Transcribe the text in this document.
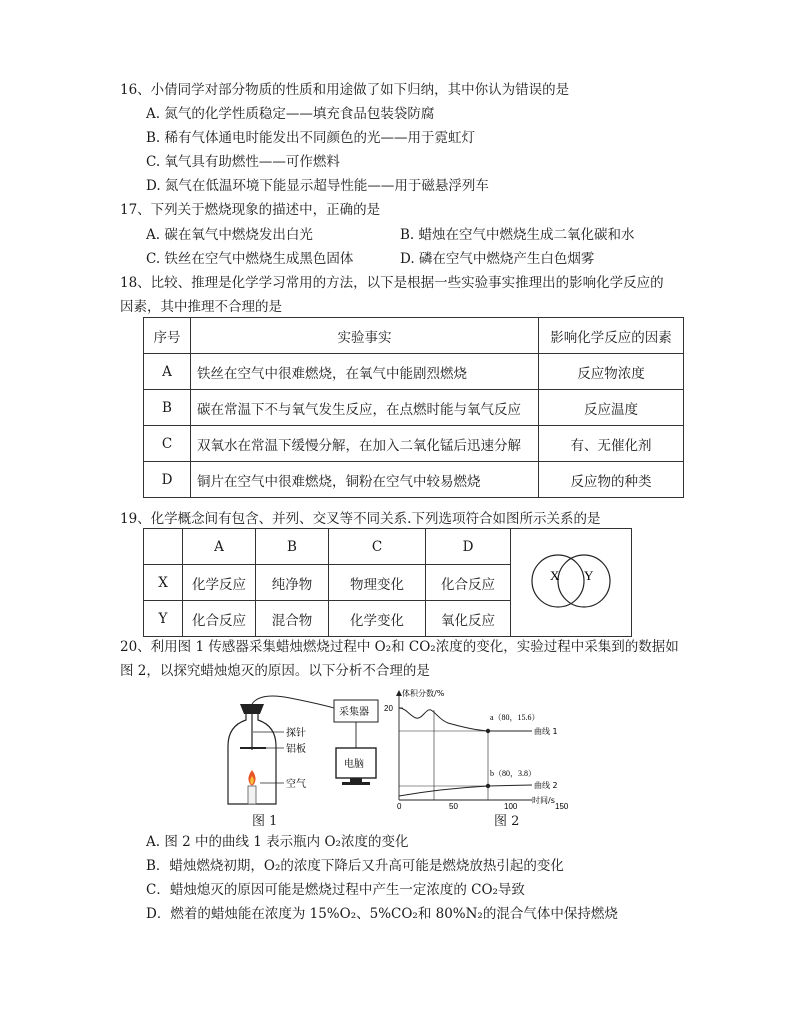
16、小倩同学对部分物质的性质和用途做了如下归纳，其中你认为错误的是
A. 氮气的化学性质稳定——填充食品包装袋防腐
B. 稀有气体通电时能发出不同颜色的光——用于霓虹灯
C. 氧气具有助燃性——可作燃料
D. 氮气在低温环境下能显示超导性能——用于磁悬浮列车
17、下列关于燃烧现象的描述中，正确的是
A. 碳在氧气中燃烧发出白光	B. 蜡烛在空气中燃烧生成二氧化碳和水
C. 铁丝在空气中燃烧生成黑色固体	D. 磷在空气中燃烧产生白色烟雾
18、比较、推理是化学学习常用的方法，以下是根据一些实验事实推理出的影响化学反应的
因素，其中推理不合理的是
序号	实验事实	影响化学反应的因素
A	铁丝在空气中很难燃烧，在氧气中能剧烈燃烧	反应物浓度
B	碳在常温下不与氧气发生反应，在点燃时能与氧气反应	反应温度
C	双氧水在常温下缓慢分解，在加入二氧化锰后迅速分解	有、无催化剂
D	铜片在空气中很难燃烧，铜粉在空气中较易燃烧	反应物的种类
19、化学概念间有包含、并列、交叉等不同关系.下列选项符合如图所示关系的是
	A	B	C	D	X Y

X	化学反应	纯净物	物理变化	化合反应	
Y	化合反应	混合物	化学变化	氧化反应	
20、利用图 1 传感器采集蜡烛燃烧过程中 O₂和 CO₂浓度的变化，实验过程中采集到的数据如
图 2，以探究蜡烛熄灭的原因。以下分析不合理的是
探针
铝板
空气
采集器
电脑
图 1
20
0	50	100	150
体积分数/%
时间/s
a（80，15.6）
b（80，3.8）
曲线 1
曲线 2
图 2
A. 图 2 中的曲线 1 表示瓶内 O₂浓度的变化
B．蜡烛燃烧初期，O₂的浓度下降后又升高可能是燃烧放热引起的变化
C．蜡烛熄灭的原因可能是燃烧过程中产生一定浓度的 CO₂导致
D．燃着的蜡烛能在浓度为 15%O₂、5%CO₂和 80%N₂的混合气体中保持燃烧
